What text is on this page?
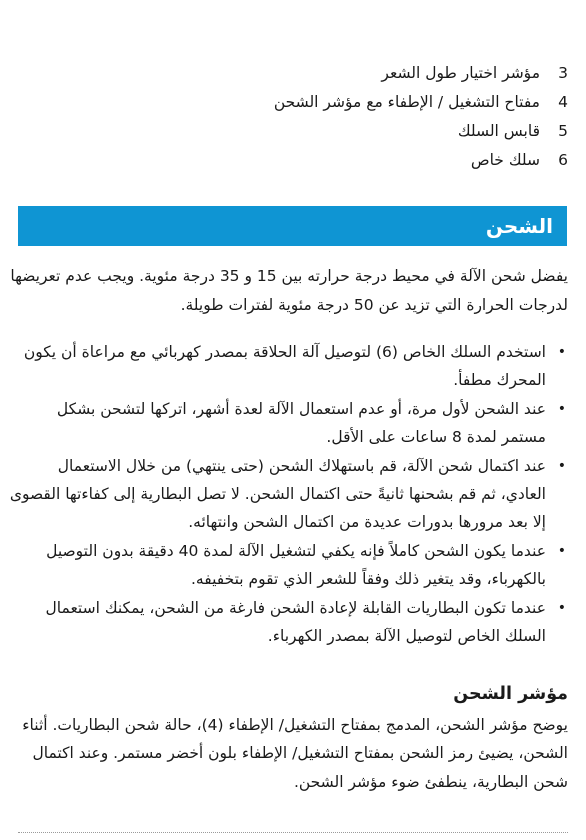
3
مؤشر اختيار طول الشعر
4
مفتاح التشغيل / الإطفاء مع مؤشر الشحن
5
قابس السلك
6
سلك خاص
الشحن

يفضل شحن الآلة في محيط درجة حرارته بين 15 و 35 درجة مئوية. ويجب عدم تعريضها لدرجات الحرارة التي تزيد عن 50 درجة مئوية لفترات طويلة.

•
استخدم السلك الخاص (6) لتوصيل آلة الحلاقة بمصدر كهربائي مع مراعاة أن يكون المحرك مطفأ.
•
عند الشحن لأول مرة، أو عدم استعمال الآلة لعدة أشهر، اتركها لتشحن بشكل مستمر لمدة 8 ساعات على الأقل.
•
عند اكتمال شحن الآلة، قم باستهلاك الشحن (حتى ينتهي) من خلال الاستعمال العادي، ثم قم بشحنها ثانيةً حتى اكتمال الشحن. لا تصل البطارية إلى كفاءتها القصوى إلا بعد مرورها بدورات عديدة من اكتمال الشحن وانتهائه.
•
عندما يكون الشحن كاملاً فإنه يكفي لتشغيل الآلة لمدة 40 دقيقة بدون التوصيل بالكهرباء، وقد يتغير ذلك وفقاً للشعر الذي تقوم بتخفيفه.
•
عندما تكون البطاريات القابلة لإعادة الشحن فارغة من الشحن، يمكنك استعمال السلك الخاص لتوصيل الآلة بمصدر الكهرباء.
مؤشر الشحن

يوضح مؤشر الشحن، المدمج بمفتاح التشغيل/ الإطفاء (4)، حالة شحن البطاريات. أثناء الشحن، يضيئ رمز الشحن بمفتاح التشغيل/ الإطفاء بلون أخضر مستمر. وعند اكتمال شحن البطارية، ينطفئ ضوء مؤشر الشحن.
